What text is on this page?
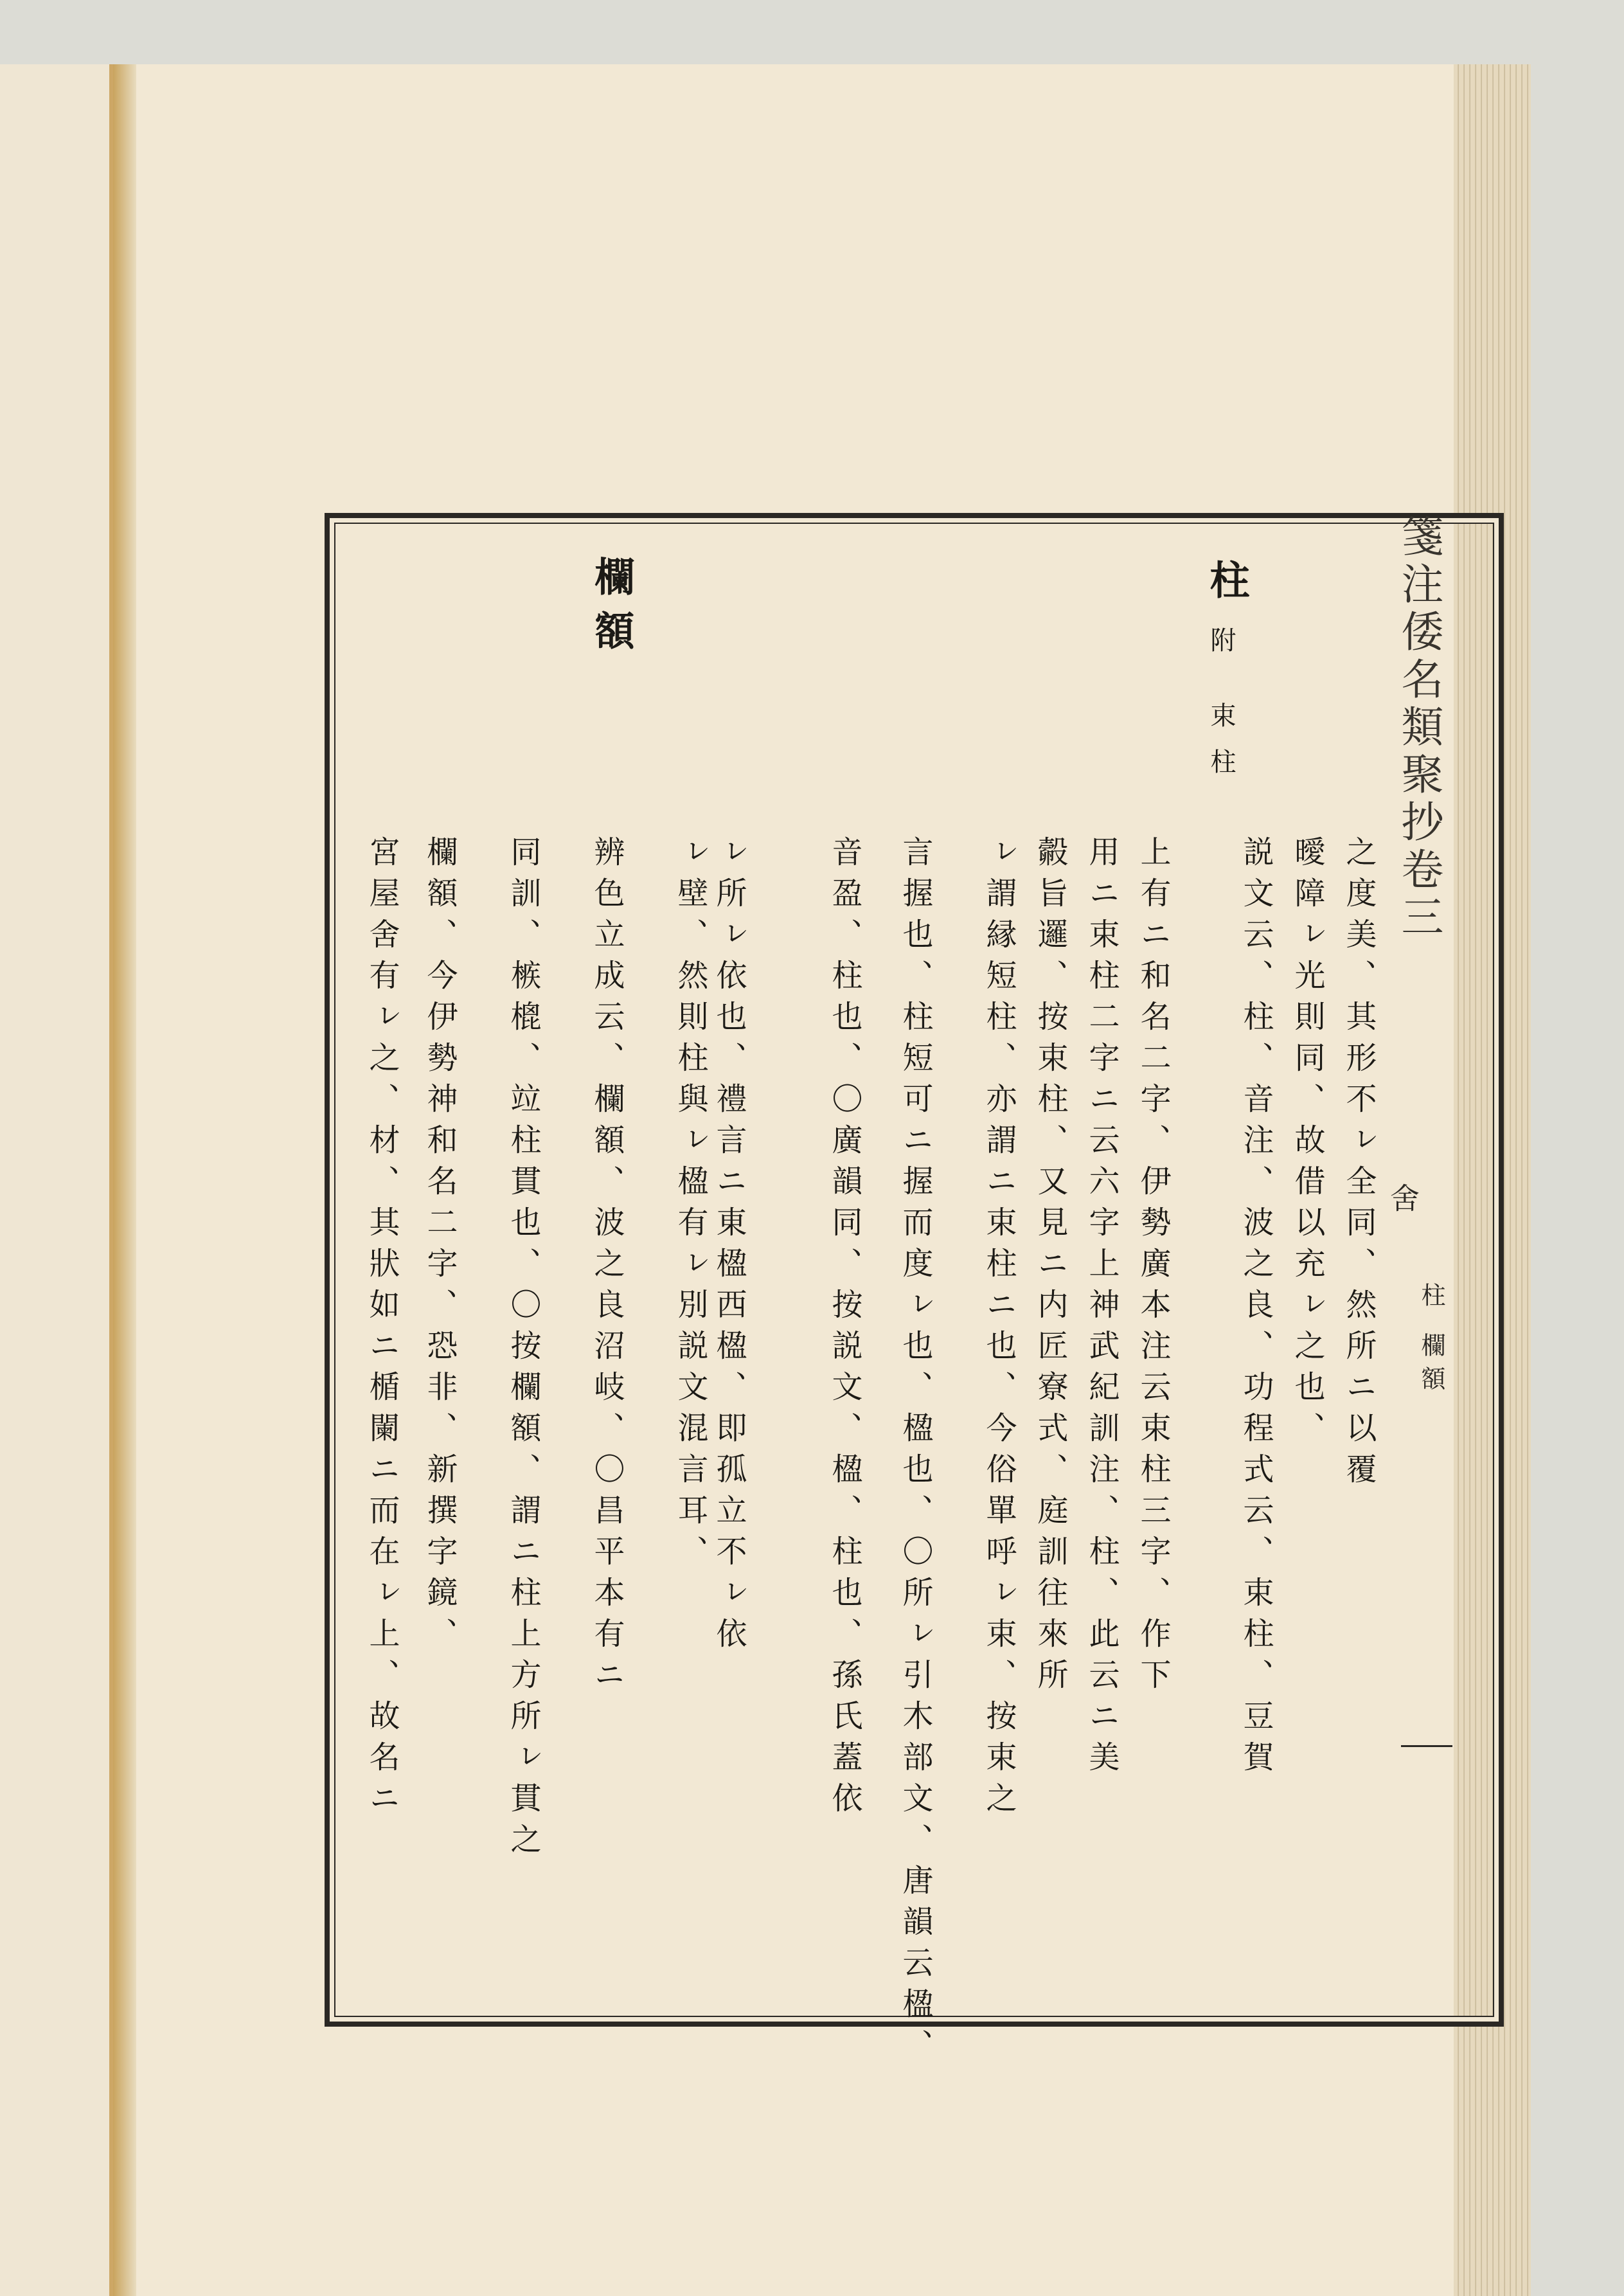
箋注倭名類聚抄卷三
舍
柱 欄額
柱
附 束柱
之度美、其形不ㇾ全同、然所ニ以覆
曖障ㇾ光則同、故借以充ㇾ之也、
説文云、柱、音注、波之良、功程式云、束柱、豆賀
上有ニ和名二字、伊勢廣本注云束柱三字、作下
用ニ束柱二字ニ云六字上神武紀訓注、柱、此云ニ美
㲉旨邏、按束柱、又見ニ内匠寮式、庭訓往來所
ㇾ謂縁短柱、亦謂ニ束柱ニ也、今俗單呼ㇾ束、按束之
言握也、柱短可ニ握而度ㇾ也、楹也、〇所ㇾ引木部文、唐韻云楹、
音盈、柱也、〇廣韻同、按説文、楹、柱也、孫氏蓋依
ㇾ所ㇾ依也、禮言ニ東楹西楹、即孤立不ㇾ依
ㇾ壁、然則柱與ㇾ楹有ㇾ別説文混言耳、
欄額
辨色立成云、欄額、波之良沼岐、〇昌平本有ニ
同訓、槉㮰、竝柱貫也、〇按欄額、謂ニ柱上方所ㇾ貫之
欄額、今伊勢神和名二字、恐非、新撰字鏡、
宮屋舍有ㇾ之、材、其狀如ニ楯闌ニ而在ㇾ上、故名ニ
